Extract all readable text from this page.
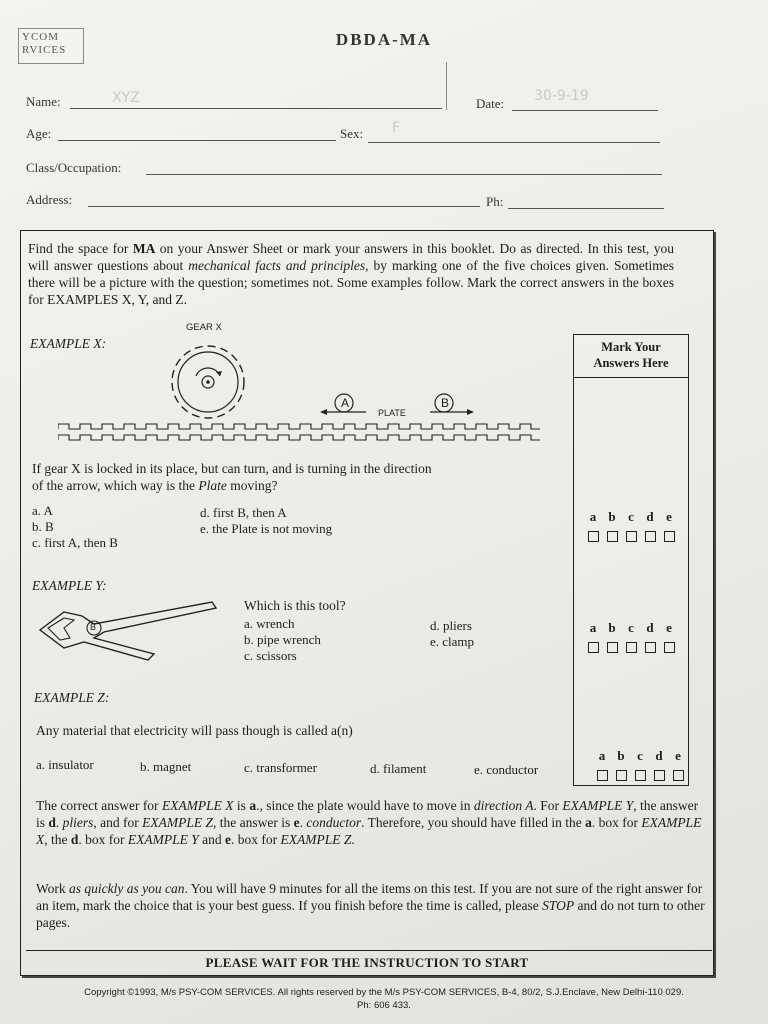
YCOM
RVICES
DBDA-MA
Name:	XYZ	Date: 30-9-19
Age:	Sex: F
Class/Occupation:
Address:	Ph:
Find the space for MA on your Answer Sheet or mark your answers in this booklet. Do as directed. In this test, you will answer questions about mechanical facts and principles, by marking one of the five choices given. Sometimes there will be a picture with the question; sometimes not. Some examples follow. Mark the correct answers in the boxes for EXAMPLES X, Y, and Z.
Mark Your
Answers Here
EXAMPLE X:
GEAR X
A	B
PLATE
If gear X is locked in its place, but can turn, and is turning in the direction
of the arrow, which way is the Plate moving?
a. A
b. B
c. first A, then B
d. first B, then A
e. the Plate is not moving
a b c d e
EXAMPLE Y:
B
Which is this tool?
a. wrench
b. pipe wrench
c. scissors
d. pliers
e. clamp
a b c d e
EXAMPLE Z:
Any material that electricity will pass though is called a(n)
a. insulator	b. magnet	c. transformer	d. filament	e. conductor
a b c d e
The correct answer for EXAMPLE X is a., since the plate would have to move in direction A. For EXAMPLE Y, the answer is d. pliers, and for EXAMPLE Z, the answer is e. conductor. Therefore, you should have filled in the a. box for EXAMPLE X, the d. box for EXAMPLE Y and e. box for EXAMPLE Z.
Work as quickly as you can. You will have 9 minutes for all the items on this test. If you are not sure of the right answer for an item, mark the choice that is your best guess. If you finish before the time is called, please STOP and do not turn to other pages.
PLEASE WAIT FOR THE INSTRUCTION TO START
Copyright ©1993, M/s PSY-COM SERVICES. All rights reserved by the M/s PSY-COM SERVICES, B-4, 80/2, S.J.Enclave, New Delhi-110 029.
Ph: 606 433.
